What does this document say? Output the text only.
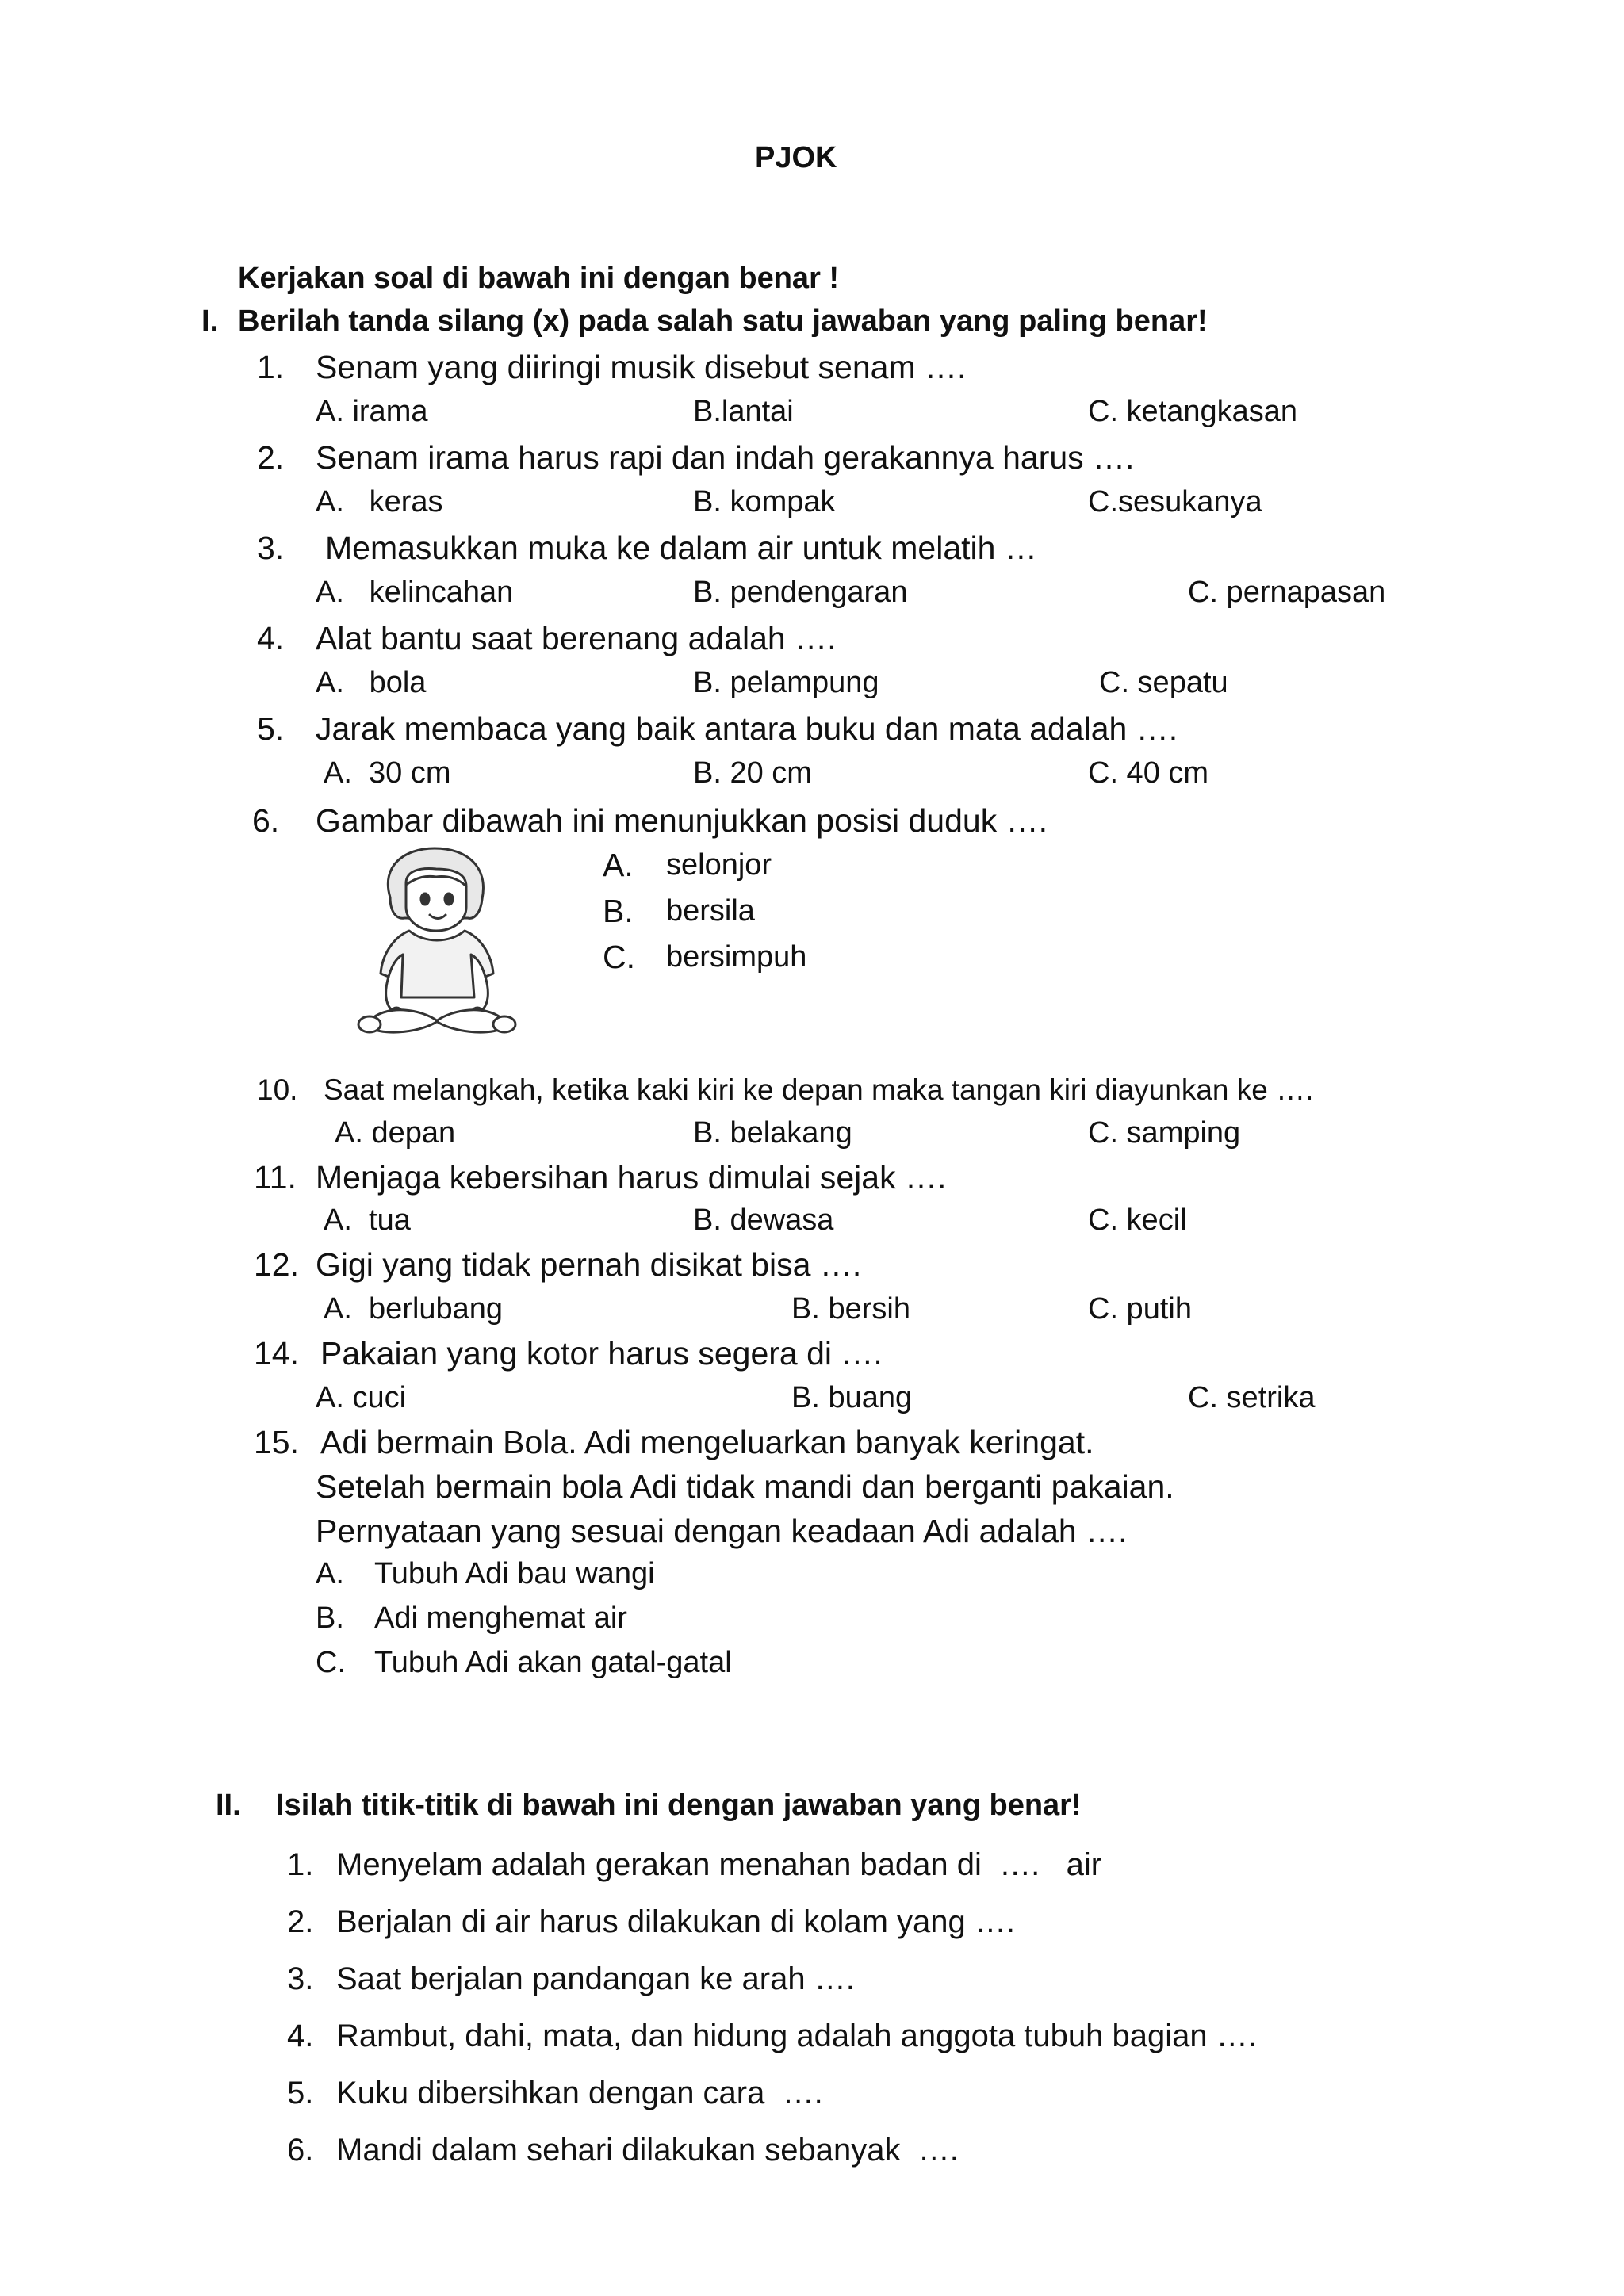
PJOK
Kerjakan soal di bawah ini dengan benar !
I. Berilah tanda silang (x) pada salah satu jawaban yang paling benar!
1. Senam yang diiringi musik disebut senam ….
A. irama	B.lantai	C. ketangkasan
2. Senam irama harus rapi dan indah gerakannya harus ….
A.   keras	B. kompak	C.sesukanya
3. Memasukkan muka ke dalam air untuk melatih …
A.   kelincahan	B. pendengaran	C. pernapasan
4. Alat bantu saat berenang adalah ….
A.   bola	B. pelampung	C. sepatu
5. Jarak membaca yang baik antara buku dan mata adalah ….
A.  30 cm	B. 20 cm	C. 40 cm
6. Gambar dibawah ini menunjukkan posisi duduk ….
A. selonjor
B. bersila
C. bersimpuh
10. Saat melangkah, ketika kaki kiri ke depan maka tangan kiri diayunkan ke ….
A. depan	B. belakang	C. samping
11. Menjaga kebersihan harus dimulai sejak ….
A.  tua	B. dewasa	C. kecil
12. Gigi yang tidak pernah disikat bisa ….
A.  berlubang	B. bersih	C. putih
14. Pakaian yang kotor harus segera di ….
A. cuci	B. buang	C. setrika
15. Adi bermain Bola. Adi mengeluarkan banyak keringat.
Setelah bermain bola Adi tidak mandi dan berganti pakaian.
Pernyataan yang sesuai dengan keadaan Adi adalah ….
A. Tubuh Adi bau wangi
B. Adi menghemat air
C. Tubuh Adi akan gatal-gatal
II. Isilah titik-titik di bawah ini dengan jawaban yang benar!
1. Menyelam adalah gerakan menahan badan di  ….   air
2. Berjalan di air harus dilakukan di kolam yang ….
3. Saat berjalan pandangan ke arah ….
4. Rambut, dahi, mata, dan hidung adalah anggota tubuh bagian ….
5. Kuku dibersihkan dengan cara  ….
6. Mandi dalam sehari dilakukan sebanyak  ….
